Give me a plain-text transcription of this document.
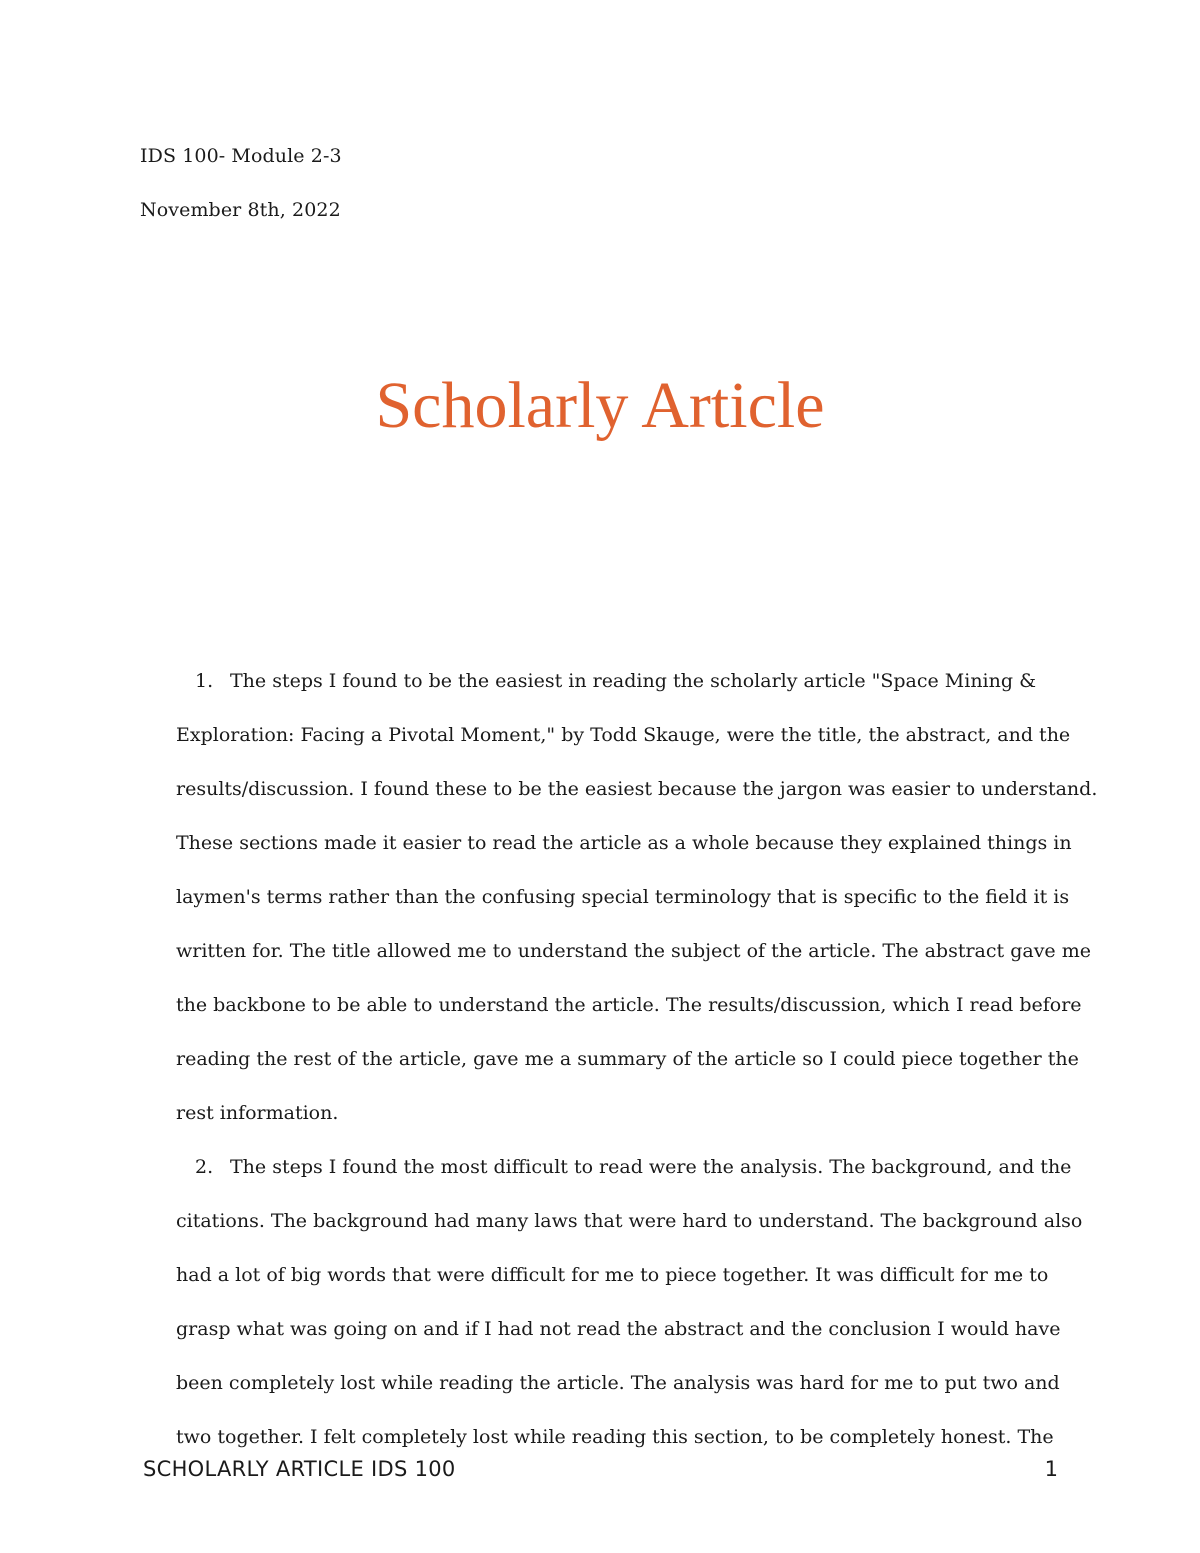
IDS 100- Module 2-3
November 8th, 2022
Scholarly Article
1. The steps I found to be the easiest in reading the scholarly article "Space Mining &
Exploration: Facing a Pivotal Moment," by Todd Skauge, were the title, the abstract, and the
results/discussion. I found these to be the easiest because the jargon was easier to understand.
These sections made it easier to read the article as a whole because they explained things in
laymen's terms rather than the confusing special terminology that is specific to the field it is
written for. The title allowed me to understand the subject of the article. The abstract gave me
the backbone to be able to understand the article. The results/discussion, which I read before
reading the rest of the article, gave me a summary of the article so I could piece together the
rest information.
2. The steps I found the most difficult to read were the analysis. The background, and the
citations. The background had many laws that were hard to understand. The background also
had a lot of big words that were difficult for me to piece together. It was difficult for me to
grasp what was going on and if I had not read the abstract and the conclusion I would have
been completely lost while reading the article. The analysis was hard for me to put two and
two together. I felt completely lost while reading this section, to be completely honest. The
SCHOLARLY ARTICLE IDS 100	1
